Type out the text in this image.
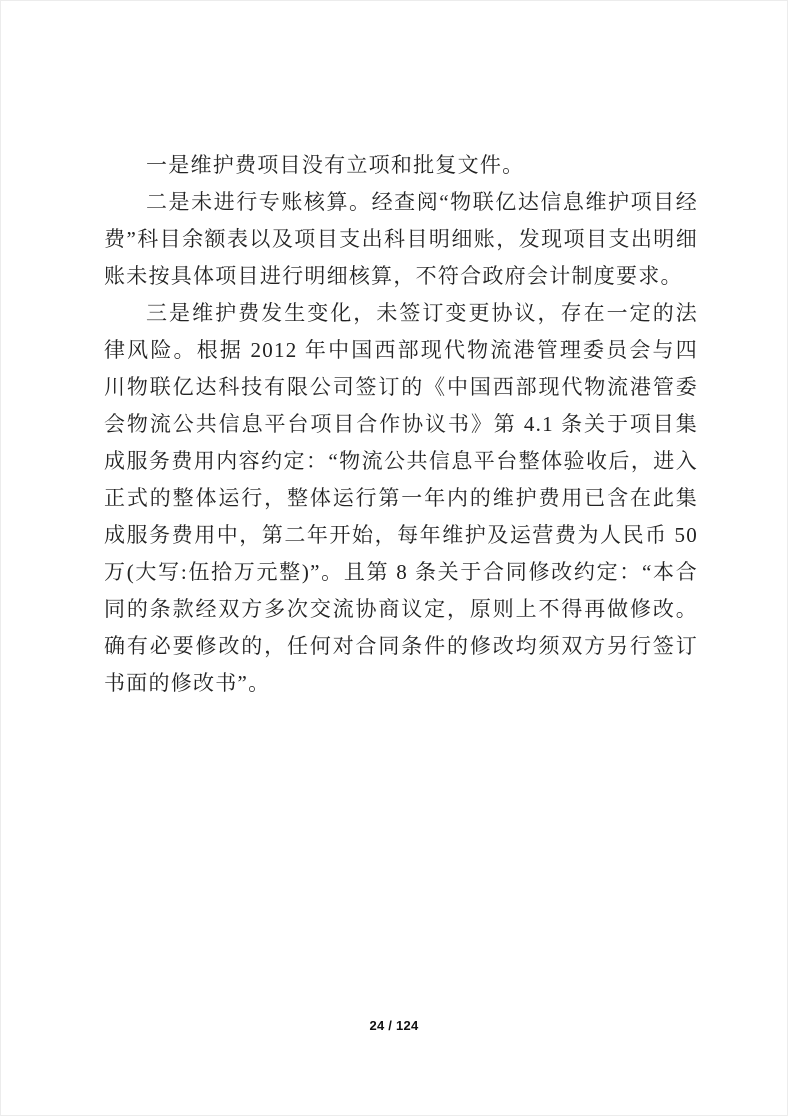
一是维护费项目没有立项和批复文件。

二是未进行专账核算。经查阅“物联亿达信息维护项目经费”科目余额表以及项目支出科目明细账，发现项目支出明细账未按具体项目进行明细核算，不符合政府会计制度要求。

三是维护费发生变化，未签订变更协议，存在一定的法律风险。根据 2012 年中国西部现代物流港管理委员会与四川物联亿达科技有限公司签订的《中国西部现代物流港管委会物流公共信息平台项目合作协议书》第 4.1 条关于项目集成服务费用内容约定：“物流公共信息平台整体验收后，进入正式的整体运行，整体运行第一年内的维护费用已含在此集成服务费用中，第二年开始，每年维护及运营费为人民币 50 万(大写:伍拾万元整)”。且第 8 条关于合同修改约定：“本合同的条款经双方多次交流协商议定，原则上不得再做修改。确有必要修改的，任何对合同条件的修改均须双方另行签订书面的修改书”。

24 / 124
